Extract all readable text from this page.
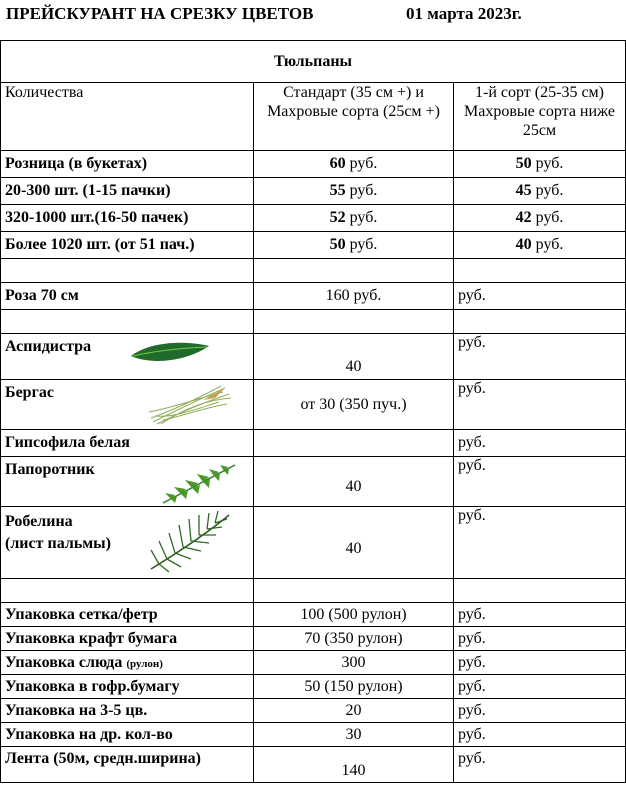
ПРЕЙСКУРАНТ НА СРЕЗКУ ЦВЕТОВ	01 марта 2023г.
Тюльпаны		
Количества	Стандарт (35 см +) и Махровые сорта (25см +)	1-й сорт (25-35 см) Махровые сорта ниже 25см
Розница (в букетах)	60 руб.	50 руб.
20-300 шт. (1-15 пачки)	55 руб.	45 руб.
320-1000 шт.(16-50 пачек)	52 руб.	42 руб.
Более 1020 шт. (от 51 пач.)	50 руб.	40 руб.

Роза 70 см	160 руб.	руб.

Аспидистра	40	руб.

Бергас	от 30 (350 пуч.)	руб.
Гипсофила белая		руб.

Папоротник	40	руб.

Робелина
(лист пальмы)	40	руб.

Упаковка сетка/фетр	100 (500 рулон)	руб.
Упаковка крафт бумага	70 (350 рулон)	руб.
Упаковка слюда (рулон)	300	руб.
Упаковка в гофр.бумагу	50 (150 рулон)	руб.
Упаковка на 3-5 цв.	20	руб.
Упаковка на др. кол-во	30	руб.
Лента (50м, средн.ширина)	140	руб.
